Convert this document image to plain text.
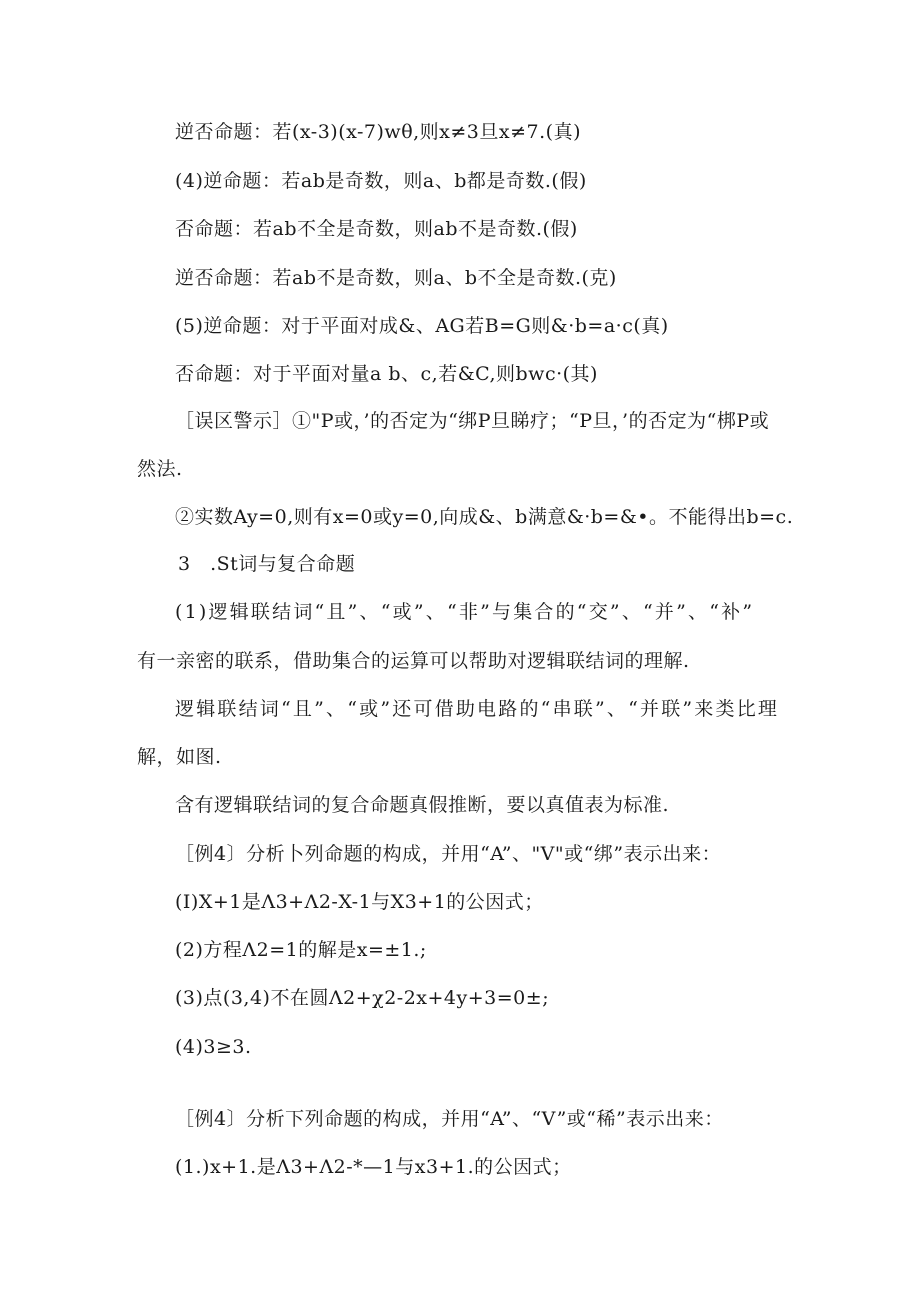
逆否命题：若(x-3)(x-7)wθ,则x≠3旦x≠7.(真)
(4)逆命题：若ab是奇数，则a、b都是奇数.(假)
否命题：若ab不全是奇数，则ab不是奇数.(假)
逆否命题：若ab不是奇数，则a、b不全是奇数.(克)
(5)逆命题：对于平面对成&、AG若B=G则&·b=a·c(真)
否命题：对于平面对量a b、c,若&C,则bwc·(其)
［误区警示］①"P或，’的否定为“绑P旦睇疗；“P旦，’的否定为“梆P或
然法.
②实数Ay=0,则有x=0或y=0,向成&、b满意&·b=&•。不能得出b=c.
3　.St词与复合命题
(1)逻辑联结词“且”、“或”、“非”与集合的“交”、“并”、“补”
有一亲密的联系，借助集合的运算可以帮助对逻辑联结词的理解.
逻辑联结词“且”、“或”还可借助电路的“串联”、“并联”来类比理
解，如图.
含有逻辑联结词的复合命题真假推断，要以真值表为标准.
［例4〕分析卜列命题的构成，并用“A”、"V"或“绑”表示出来：
(I)X+1是Λ3+Λ2-X-1与X3+1的公因式；
(2)方程Λ2=1的解是x=±1.;
(3)点(3,4)不在圆Λ2+χ2-2x+4y+3=0±;
(4)3≥3.
［例4〕分析下列命题的构成，并用“A”、“V”或“稀”表示出来：
(1.)x+1.是Λ3+Λ2-*—1与x3+1.的公因式；
